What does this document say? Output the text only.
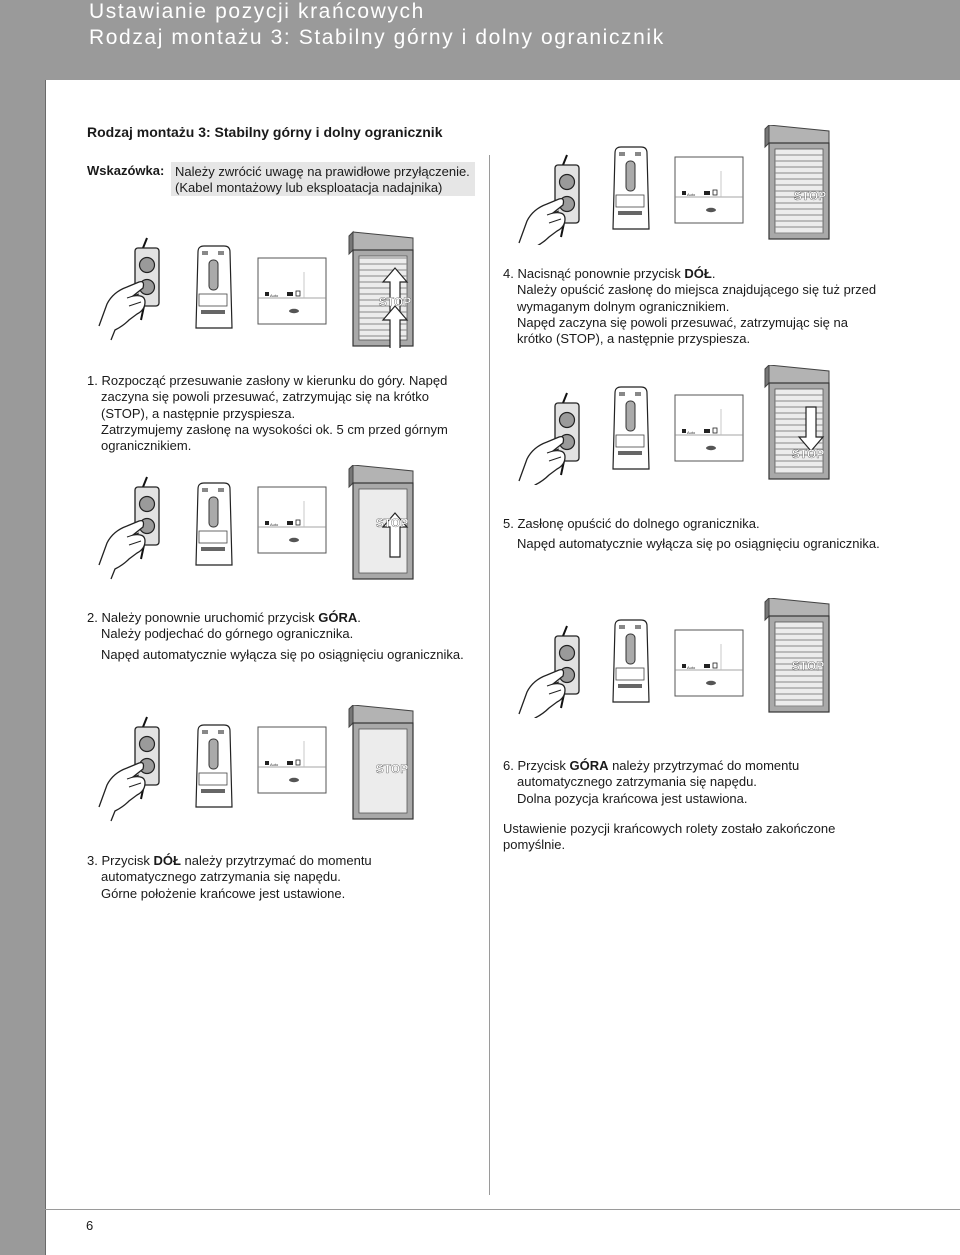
Ustawianie pozycji krańcowych
Rodzaj montażu 3: Stabilny górny i dolny ogranicznik
6
Rodzaj montażu 3: Stabilny górny i dolny ogranicznik
Wskazówka: Należy zwrócić uwagę na prawidłowe przyłączenie.
(Kabel montażowy lub eksploatacja nadajnika)
Auto	STOP
Auto	STOP
Auto	STOP
Auto	STOP
Auto
STOP
Auto	STOP
1. Rozpocząć przesuwanie zasłony w kierunku do góry. Napęd
zaczyna się powoli przesuwać, zatrzymując się na krótko
(STOP), a następnie przyspiesza.
Zatrzymujemy zasłonę na wysokości ok. 5 cm przed górnym
ogranicznikiem.
2. Należy ponownie uruchomić przycisk GÓRA.
Należy podjechać do górnego ogranicznika.
Napęd automatycznie wyłącza się po osiągnięciu ogranicznika.
3. Przycisk DÓŁ należy przytrzymać do momentu
automatycznego zatrzymania się napędu.
Górne położenie krańcowe jest ustawione.
4. Nacisnąć ponownie przycisk DÓŁ.
Należy opuścić zasłonę do miejsca znajdującego się tuż przed
wymaganym dolnym ogranicznikiem.
Napęd zaczyna się powoli przesuwać, zatrzymując się na
krótko (STOP), a następnie przyspiesza.
5. Zasłonę opuścić do dolnego ogranicznika.
Napęd automatycznie wyłącza się po osiągnięciu ogranicznika.
6. Przycisk GÓRA należy przytrzymać do momentu
automatycznego zatrzymania się napędu.
Dolna pozycja krańcowa jest ustawiona.
Ustawienie pozycji krańcowych rolety zostało zakończone
pomyślnie.
